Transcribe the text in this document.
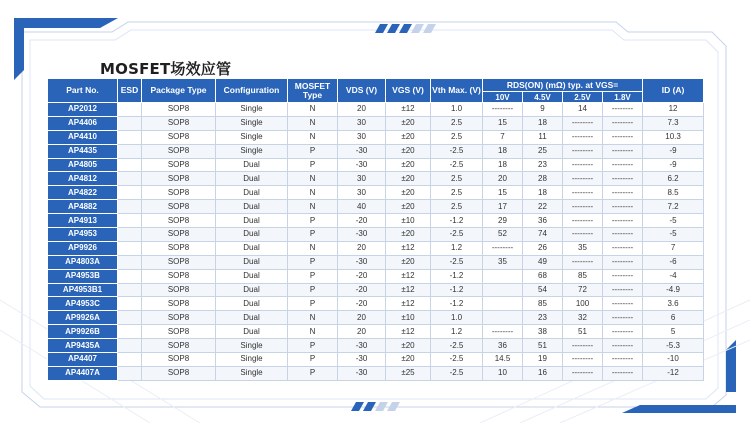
MOSFET场效应管
Part No.	ESD	Package Type	Configuration	MOSFET Type	VDS (V)	VGS (V)	Vth Max. (V)	RDS(ON) (mΩ) typ. at VGS=				ID (A)
								10V	4.5V	2.5V	1.8V	
AP2012		SOP8	Single	N	20	±12	1.0	--------	9	14	--------	12
AP4406		SOP8	Single	N	30	±20	2.5	15	18	--------	--------	7.3
AP4410		SOP8	Single	N	30	±20	2.5	7	11	--------	--------	10.3
AP4435		SOP8	Single	P	-30	±20	-2.5	18	25	--------	--------	-9
AP4805		SOP8	Dual	P	-30	±20	-2.5	18	23	--------	--------	-9
AP4812		SOP8	Dual	N	30	±20	2.5	20	28	--------	--------	6.2
AP4822		SOP8	Dual	N	30	±20	2.5	15	18	--------	--------	8.5
AP4882		SOP8	Dual	N	40	±20	2.5	17	22	--------	--------	7.2
AP4913		SOP8	Dual	P	-20	±10	-1.2	29	36	--------	--------	-5
AP4953		SOP8	Dual	P	-30	±20	-2.5	52	74	--------	--------	-5
AP9926		SOP8	Dual	N	20	±12	1.2	--------	26	35	--------	7
AP4803A		SOP8	Dual	P	-30	±20	-2.5	35	49	--------	--------	-6
AP4953B		SOP8	Dual	P	-20	±12	-1.2		68	85	--------	-4
AP4953B1		SOP8	Dual	P	-20	±12	-1.2		54	72	--------	-4.9
AP4953C		SOP8	Dual	P	-20	±12	-1.2		85	100	--------	3.6
AP9926A		SOP8	Dual	N	20	±10	1.0		23	32	--------	6
AP9926B		SOP8	Dual	N	20	±12	1.2	--------	38	51	--------	5
AP9435A		SOP8	Single	P	-30	±20	-2.5	36	51	--------	--------	-5.3
AP4407		SOP8	Single	P	-30	±20	-2.5	14.5	19	--------	--------	-10
AP4407A		SOP8	Single	P	-30	±25	-2.5	10	16	--------	--------	-12
